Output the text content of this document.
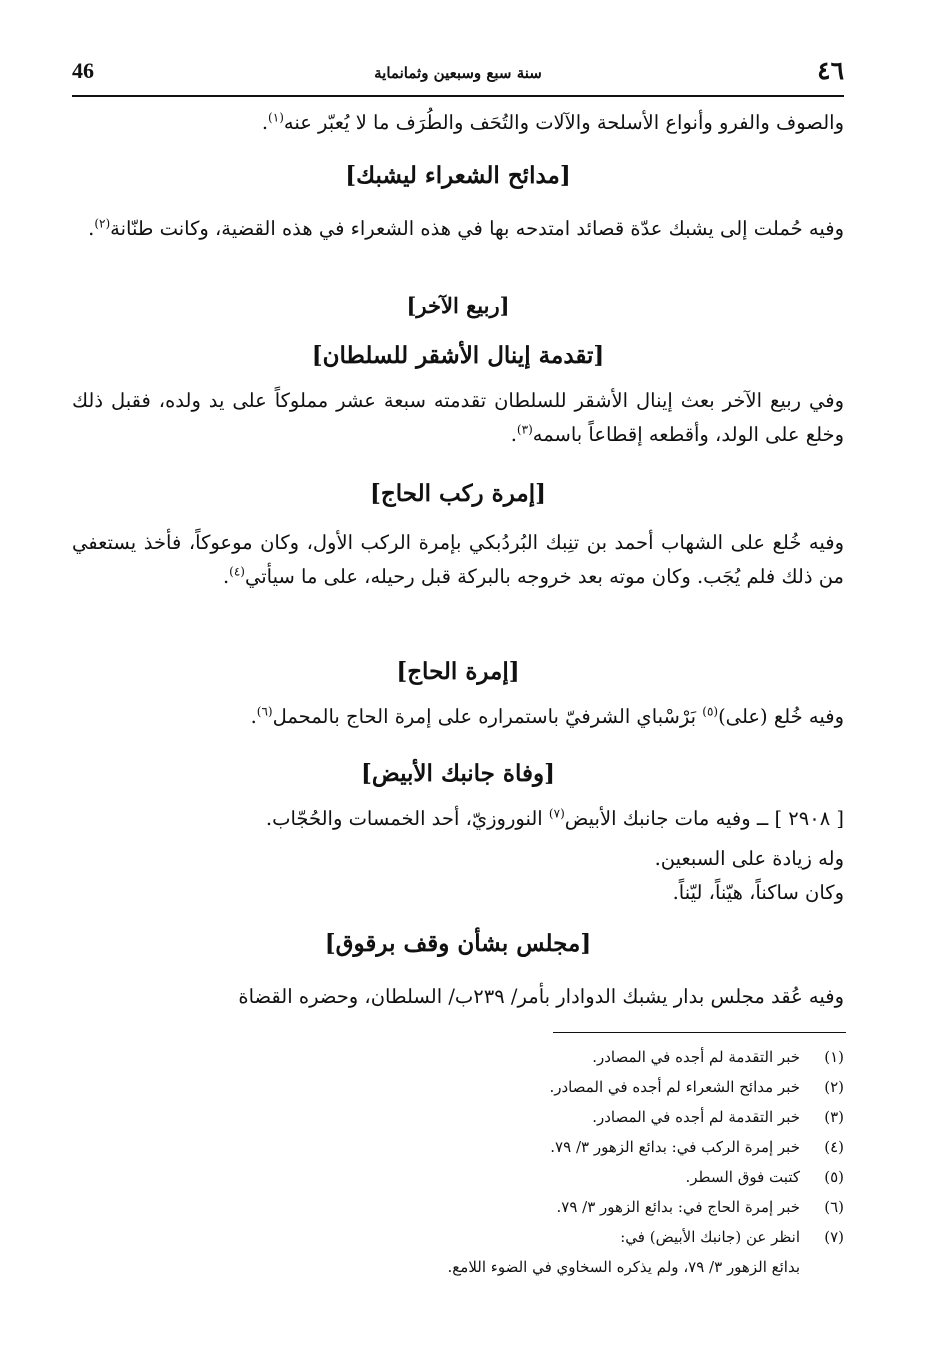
٤٦
سنة سبع وسبعين وثمانماية
46
والصوف والفرو وأنواع الأسلحة والآلات والتُحَف والطُرَف ما لا يُعبّر عنه$^{(١)}$.
[مدائح الشعراء ليشبك]
وفيه حُملت إلى يشبك عدّة قصائد امتدحه بها في هذه الشعراء في هذه القضية، وكانت طنّانة$^{(٢)}$.
[ربيع الآخر]
[تقدمة إينال الأشقر للسلطان]
وفي ربيع الآخر بعث إينال الأشقر للسلطان تقدمته سبعة عشر مملوكاً على يد ولده، فقبل ذلك وخلع على الولد، وأقطعه إقطاعاً باسمه$^{(٣)}$.
[إمرة ركب الحاج]
وفيه خُلع على الشهاب أحمد بن تنِبك البُردُبكي بإمرة الركب الأول، وكان موعوكاً، فأخذ يستعفي من ذلك فلم يُجَب. وكان موته بعد خروجه بالبركة قبل رحيله، على ما سيأتي$^{(٤)}$.
[إمرة الحاج]
وفيه خُلع (على)$^{(٥)}$ بَرْسْباي الشرفيّ باستمراره على إمرة الحاج بالمحمل$^{(٦)}$.
[وفاة جانبك الأبيض]
[ ٢٩٠٨ ] ــ وفيه مات جانبك الأبيض$^{(٧)}$ النوروزيّ، أحد الخمسات والحُجّاب.
وله زيادة على السبعين.
وكان ساكناً، هيّناً، ليّناً.
[مجلس بشأن وقف برقوق]
وفيه عُقد مجلس بدار يشبك الدوادار بأمر/ ٢٣٩ب/ السلطان، وحضره القضاة
(١)خبر التقدمة لم أجده في المصادر.
(٢)خبر مدائح الشعراء لم أجده في المصادر.
(٣)خبر التقدمة لم أجده في المصادر.
(٤)خبر إمرة الركب في: بدائع الزهور ٣/ ٧٩.
(٥)كتبت فوق السطر.
(٦)خبر إمرة الحاج في: بدائع الزهور ٣/ ٧٩.
(٧)انظر عن (جانبك الأبيض) في:
بدائع الزهور ٣/ ٧٩، ولم يذكره السخاوي في الضوء اللامع.
